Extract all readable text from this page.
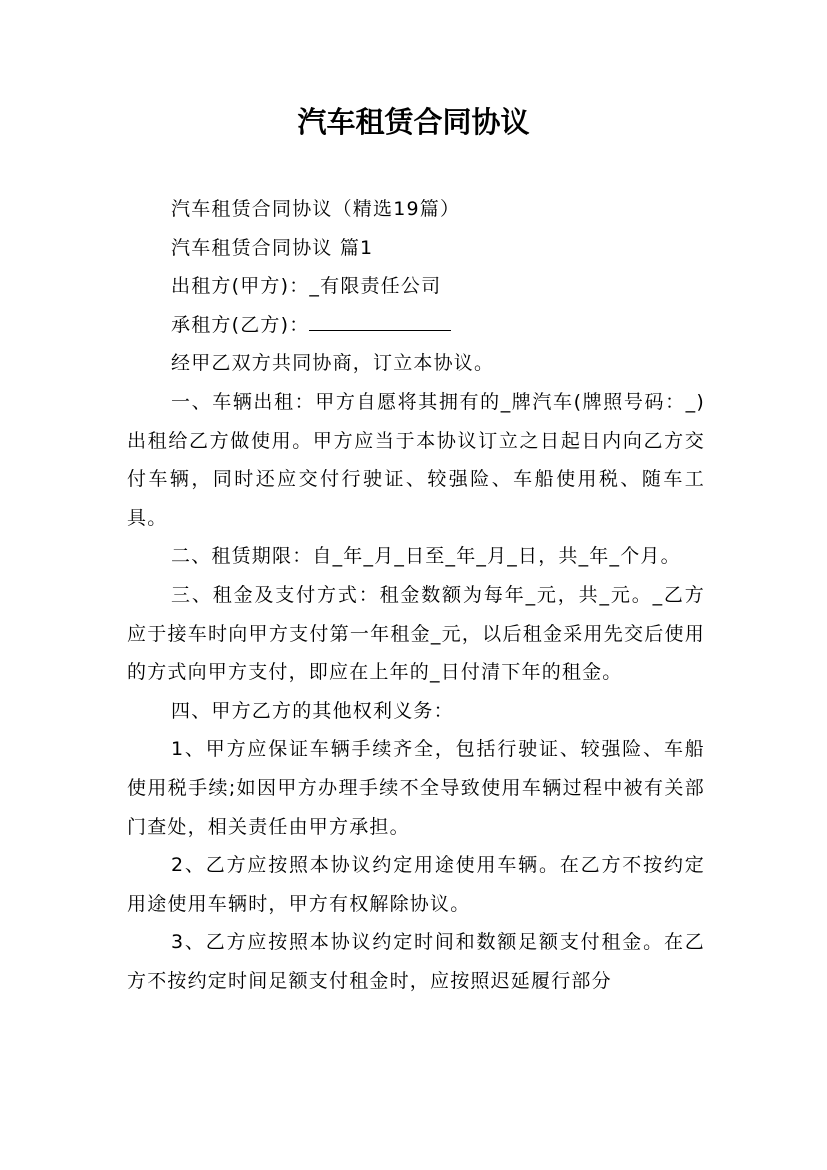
汽车租赁合同协议

汽车租赁合同协议（精选19篇）

汽车租赁合同协议 篇1

出租方(甲方)：_有限责任公司

承租方(乙方)：

经甲乙双方共同协商，订立本协议。

一、车辆出租：甲方自愿将其拥有的_牌汽车(牌照号码：_)出租给乙方做使用。甲方应当于本协议订立之日起日内向乙方交付车辆，同时还应交付行驶证、较强险、车船使用税、随车工具。

二、租赁期限：自_年_月_日至_年_月_日，共_年_个月。

三、租金及支付方式：租金数额为每年_元，共_元。_乙方应于接车时向甲方支付第一年租金_元，以后租金采用先交后使用的方式向甲方支付，即应在上年的_日付清下年的租金。

四、甲方乙方的其他权利义务：

1、甲方应保证车辆手续齐全，包括行驶证、较强险、车船使用税手续;如因甲方办理手续不全导致使用车辆过程中被有关部门查处，相关责任由甲方承担。

2、乙方应按照本协议约定用途使用车辆。在乙方不按约定用途使用车辆时，甲方有权解除协议。

3、乙方应按照本协议约定时间和数额足额支付租金。在乙方不按约定时间足额支付租金时，应按照迟延履行部分
